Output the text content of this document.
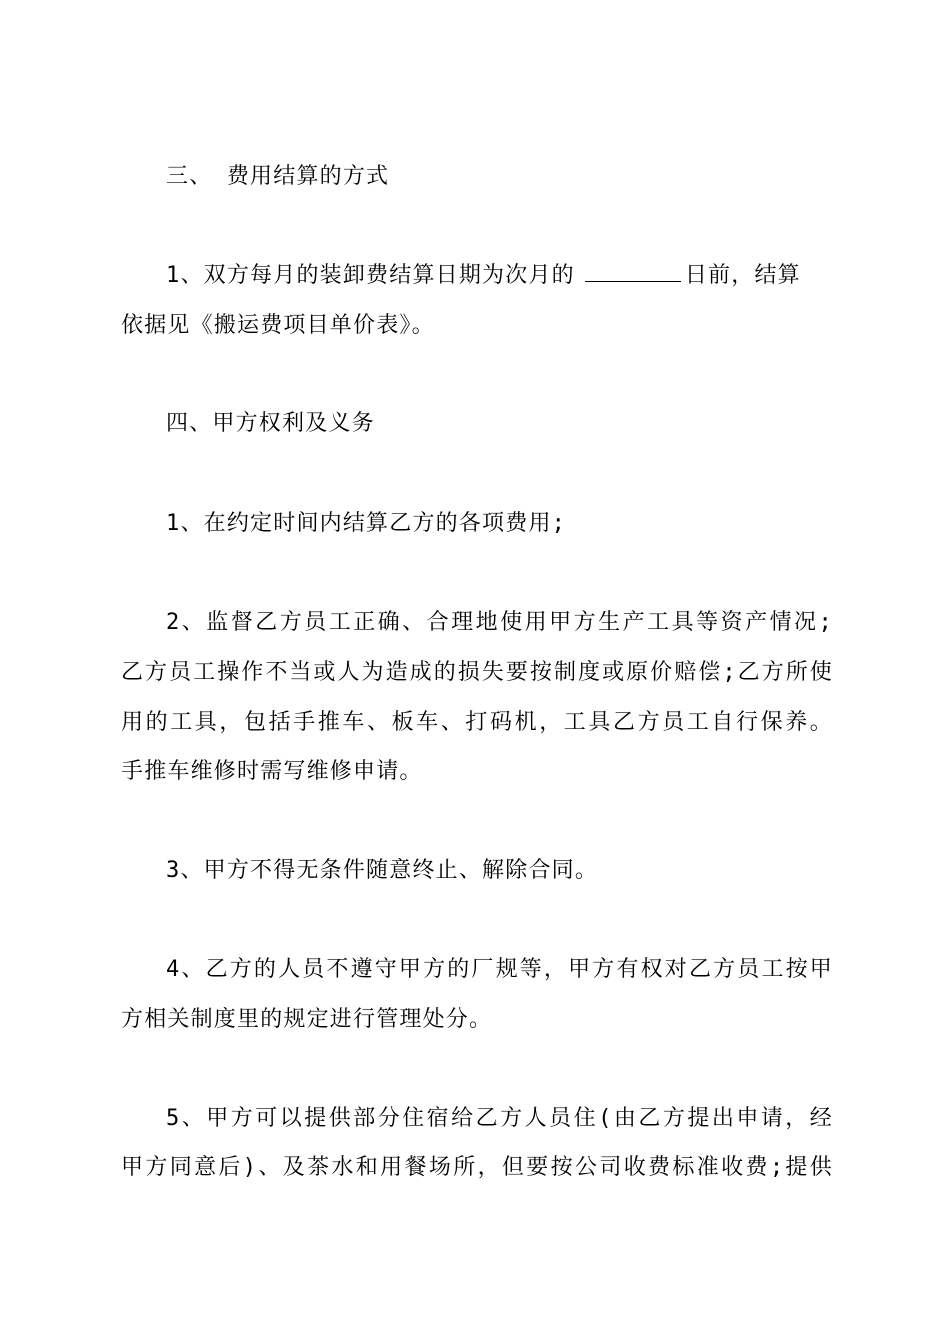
三、 费用结算的方式
1、双方每月的装卸费结算日期为次月的	日前，结算
依据见《搬运费项目单价表》。
四、甲方权利及义务
1、在约定时间内结算乙方的各项费用;
2、监督乙方员工正确、合理地使用甲方生产工具等资产情况;
乙方员工操作不当或人为造成的损失要按制度或原价赔偿;乙方所使
用的工具，包括手推车、板车、打码机，工具乙方员工自行保养。
手推车维修时需写维修申请。
3、甲方不得无条件随意终止、解除合同。
4、乙方的人员不遵守甲方的厂规等，甲方有权对乙方员工按甲
方相关制度里的规定进行管理处分。
5、甲方可以提供部分住宿给乙方人员住(由乙方提出申请，经
甲方同意后)、及茶水和用餐场所，但要按公司收费标准收费;提供
